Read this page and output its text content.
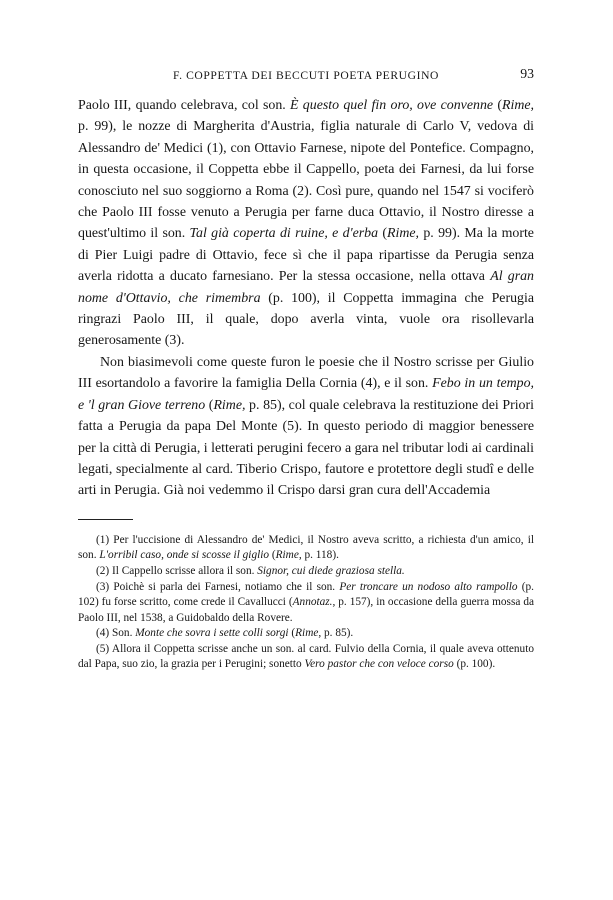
F. COPPETTA DEI BECCUTI POETA PERUGINO	93

Paolo III, quando celebrava, col son. È questo quel fin oro, ove convenne (Rime, p. 99), le nozze di Margherita d'Austria, figlia naturale di Carlo V, vedova di Alessandro de' Medici (1), con Ottavio Farnese, nipote del Pontefice. Compagno, in questa occasione, il Coppetta ebbe il Cappello, poeta dei Farnesi, da lui forse conosciuto nel suo soggiorno a Roma (2). Così pure, quando nel 1547 si vociferò che Paolo III fosse venuto a Perugia per farne duca Ottavio, il Nostro diresse a quest'ultimo il son. Tal già coperta di ruine, e d'erba (Rime, p. 99). Ma la morte di Pier Luigi padre di Ottavio, fece sì che il papa ripartisse da Perugia senza averla ridotta a ducato farnesiano. Per la stessa occasione, nella ottava Al gran nome d'Ottavio, che rimembra (p. 100), il Coppetta immagina che Perugia ringrazi Paolo III, il quale, dopo averla vinta, vuole ora risollevarla generosamente (3).

Non biasimevoli come queste furon le poesie che il Nostro scrisse per Giulio III esortandolo a favorire la famiglia Della Cornia (4), e il son. Febo in un tempo, e 'l gran Giove terreno (Rime, p. 85), col quale celebrava la restituzione dei Priori fatta a Perugia da papa Del Monte (5). In questo periodo di maggior benessere per la città di Perugia, i letterati perugini fecero a gara nel tributar lodi ai cardinali legati, specialmente al card. Tiberio Crispo, fautore e protettore degli studî e delle arti in Perugia. Già noi vedemmo il Crispo darsi gran cura dell'Accademia

(1) Per l'uccisione di Alessandro de' Medici, il Nostro aveva scritto, a richiesta d'un amico, il son. L'orribil caso, onde si scosse il giglio (Rime, p. 118).

(2) Il Cappello scrisse allora il son. Signor, cui diede graziosa stella.

(3) Poichè si parla dei Farnesi, notiamo che il son. Per troncare un nodoso alto rampollo (p. 102) fu forse scritto, come crede il Cavallucci (Annotaz., p. 157), in occasione della guerra mossa da Paolo III, nel 1538, a Guidobaldo della Rovere.

(4) Son. Monte che sovra i sette colli sorgi (Rime, p. 85).

(5) Allora il Coppetta scrisse anche un son. al card. Fulvio della Cornia, il quale aveva ottenuto dal Papa, suo zio, la grazia per i Perugini; sonetto Vero pastor che con veloce corso (p. 100).
